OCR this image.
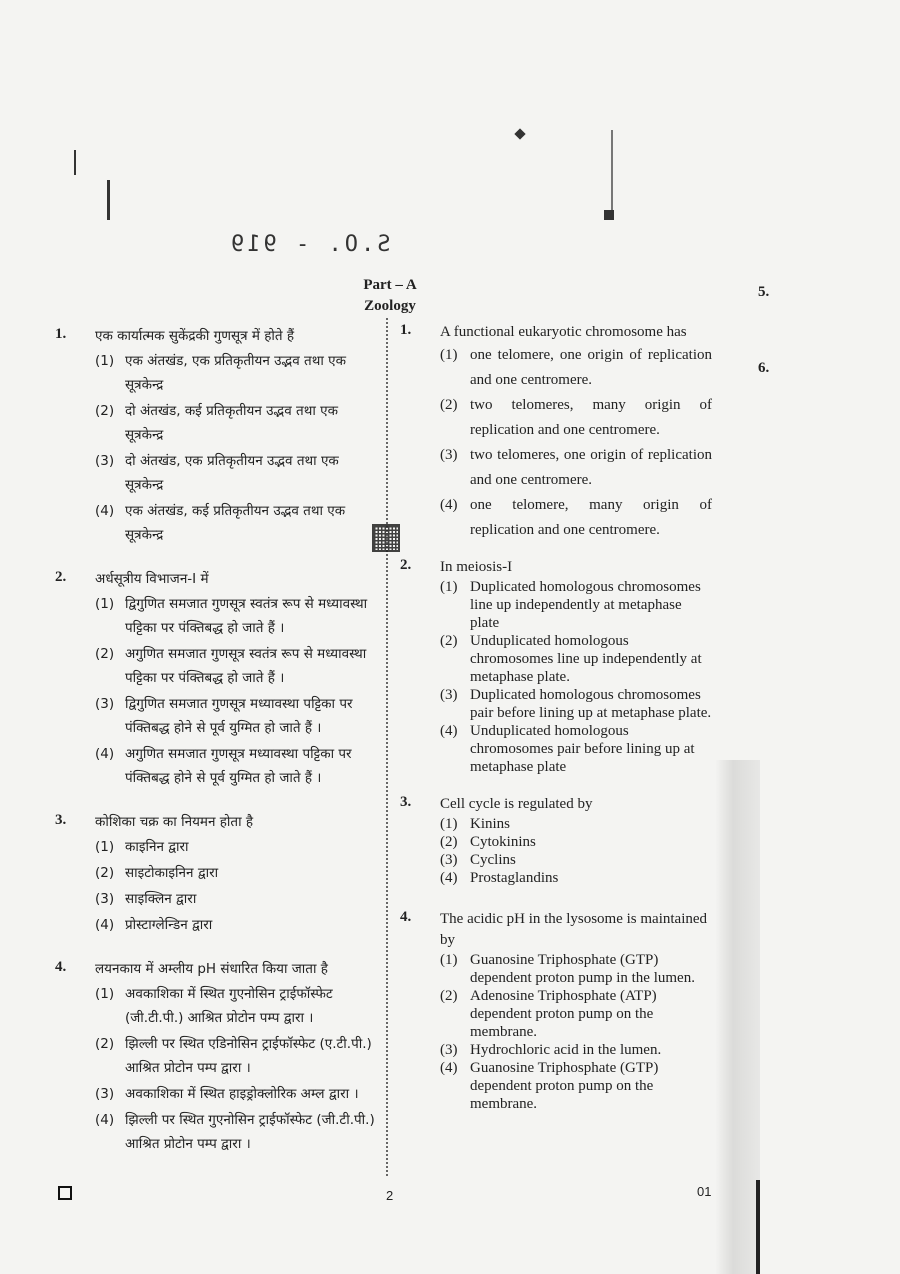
S.O. - 919
Part – A
Zoology
5.
6.
1. एक कार्यात्मक सुकेंद्रकी गुणसूत्र में होते हैं
(1) एक अंतखंड, एक प्रतिकृतीयन उद्भव तथा एक सूत्रकेन्द्र
(2) दो अंतखंड, कई प्रतिकृतीयन उद्भव तथा एक सूत्रकेन्द्र
(3) दो अंतखंड, एक प्रतिकृतीयन उद्भव तथा एक सूत्रकेन्द्र
(4) एक अंतखंड, कई प्रतिकृतीयन उद्भव तथा एक सूत्रकेन्द्र
2. अर्धसूत्रीय विभाजन-I में
(1) द्विगुणित समजात गुणसूत्र स्वतंत्र रूप से मध्यावस्था पट्टिका पर पंक्तिबद्ध हो जाते हैं ।
(2) अगुणित समजात गुणसूत्र स्वतंत्र रूप से मध्यावस्था पट्टिका पर पंक्तिबद्ध हो जाते हैं ।
(3) द्विगुणित समजात गुणसूत्र मध्यावस्था पट्टिका पर पंक्तिबद्ध होने से पूर्व युग्मित हो जाते हैं ।
(4) अगुणित समजात गुणसूत्र मध्यावस्था पट्टिका पर पंक्तिबद्ध होने से पूर्व युग्मित हो जाते हैं ।
3. कोशिका चक्र का नियमन होता है
(1) काइनिन द्वारा
(2) साइटोकाइनिन द्वारा
(3) साइक्लिन द्वारा
(4) प्रोस्टाग्लेन्डिन द्वारा
4. लयनकाय में अम्लीय pH संधारित किया जाता है
(1) अवकाशिका में स्थित गुएनोसिन ट्राईफॉस्फेट (जी.टी.पी.) आश्रित प्रोटोन पम्प द्वारा ।
(2) झिल्ली पर स्थित एडिनोसिन ट्राईफॉस्फेट (ए.टी.पी.) आश्रित प्रोटोन पम्प द्वारा ।
(3) अवकाशिका में स्थित हाइड्रोक्लोरिक अम्ल द्वारा ।
(4) झिल्ली पर स्थित गुएनोसिन ट्राईफॉस्फेट (जी.टी.पी.) आश्रित प्रोटोन पम्प द्वारा ।
1. A functional eukaryotic chromosome has
(1) one telomere, one origin of replication and one centromere.
(2) two telomeres, many origin of replication and one centromere.
(3) two telomeres, one origin of replication and one centromere.
(4) one telomere, many origin of replication and one centromere.
2. In meiosis-I
(1) Duplicated homologous chromosomes line up independently at metaphase plate
(2) Unduplicated homologous chromosomes line up independently at metaphase plate.
(3) Duplicated homologous chromosomes pair before lining up at metaphase plate.
(4) Unduplicated homologous chromosomes pair before lining up at metaphase plate
3. Cell cycle is regulated by
(1) Kinins
(2) Cytokinins
(3) Cyclins
(4) Prostaglandins
4. The acidic pH in the lysosome is maintained by
(1) Guanosine Triphosphate (GTP) dependent proton pump in the lumen.
(2) Adenosine Triphosphate (ATP) dependent proton pump on the membrane.
(3) Hydrochloric acid in the lumen.
(4) Guanosine Triphosphate (GTP) dependent proton pump on the membrane.
2	01
